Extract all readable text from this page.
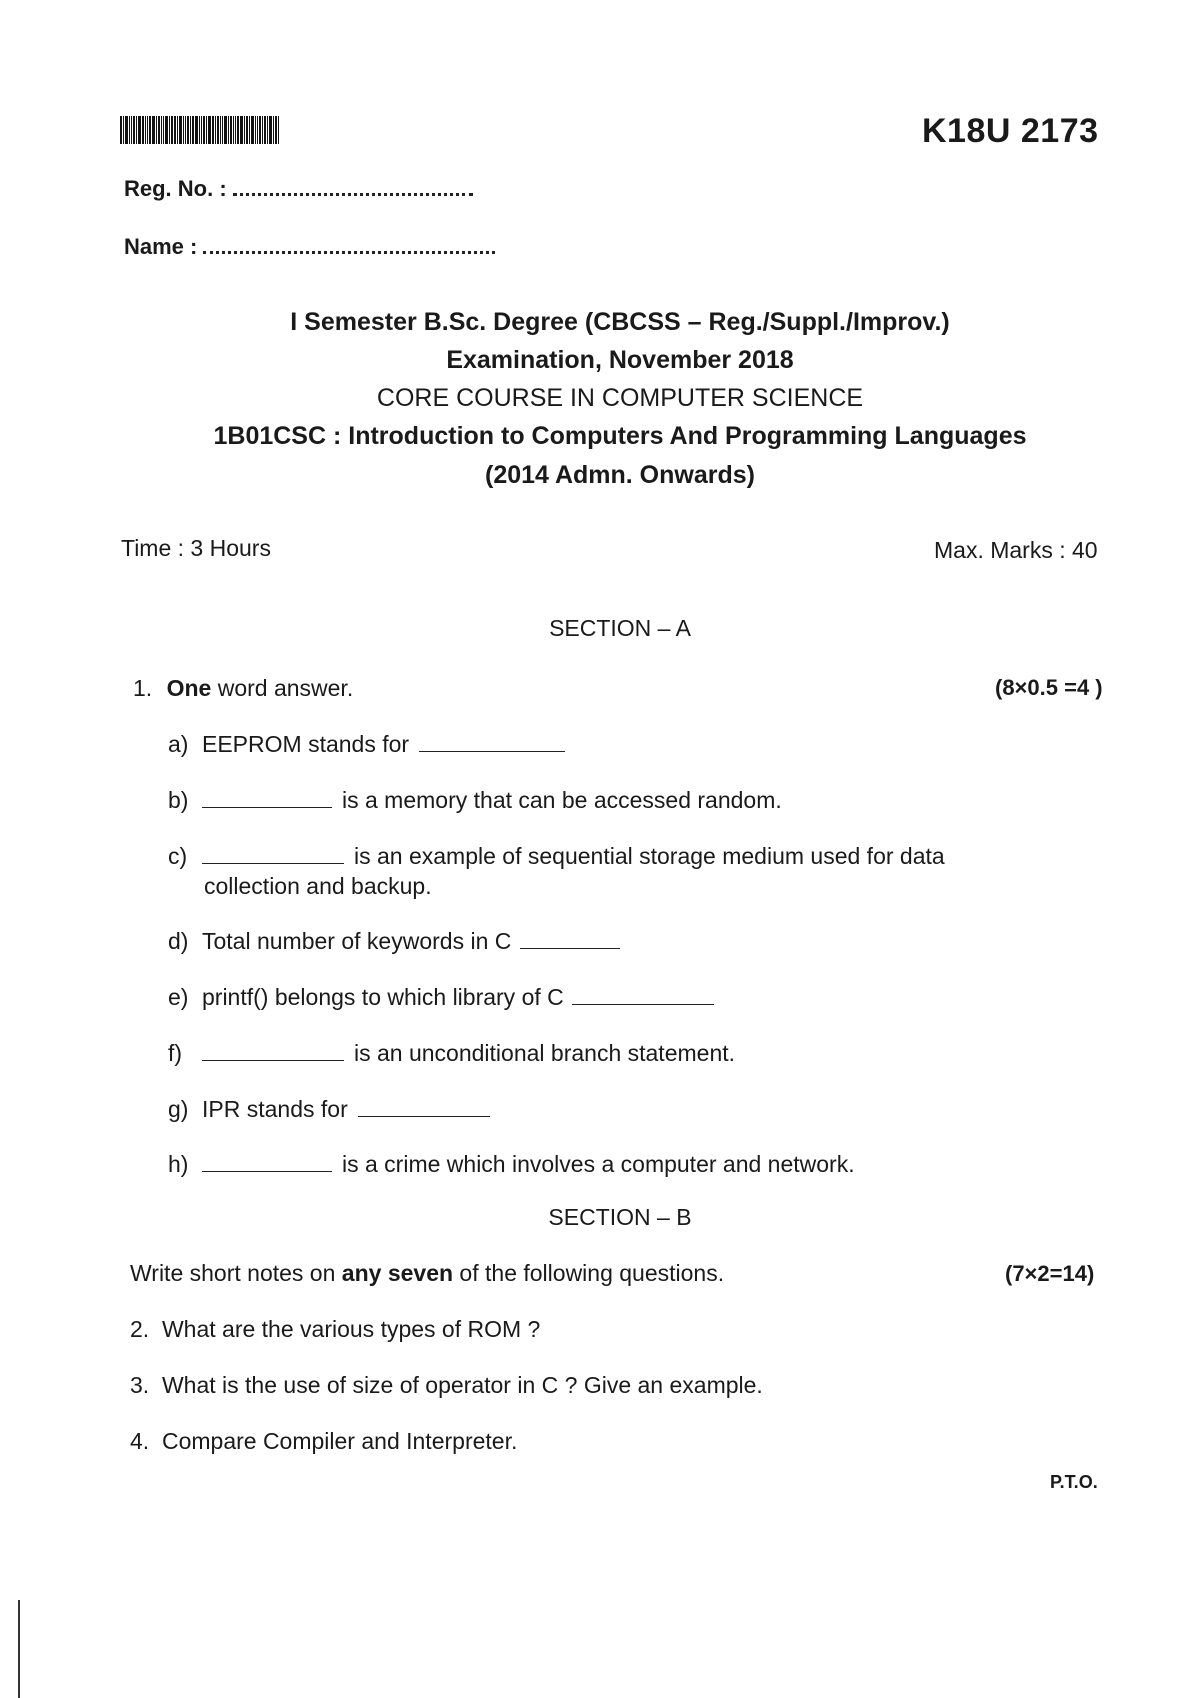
K18U 2173
Reg. No. :
Name :
I Semester B.Sc. Degree (CBCSS – Reg./Suppl./Improv.)
Examination, November 2018
CORE COURSE IN COMPUTER SCIENCE
1B01CSC : Introduction to Computers And Programming Languages
(2014 Admn. Onwards)
Time : 3 Hours	Max. Marks : 40
SECTION – A
1. One word answer.	(8×0.5 =4 )
a) EEPROM stands for
b)	is a memory that can be accessed random.
c)	is an example of sequential storage medium used for data
collection and backup.
d) Total number of keywords in C
e) printf() belongs to which library of C
f)	is an unconditional branch statement.
g) IPR stands for
h)	is a crime which involves a computer and network.
SECTION – B
Write short notes on any seven of the following questions.	(7×2=14)
2.  What are the various types of ROM ?
3.  What is the use of size of operator in C ? Give an example.
4.  Compare Compiler and Interpreter.
P.T.O.
